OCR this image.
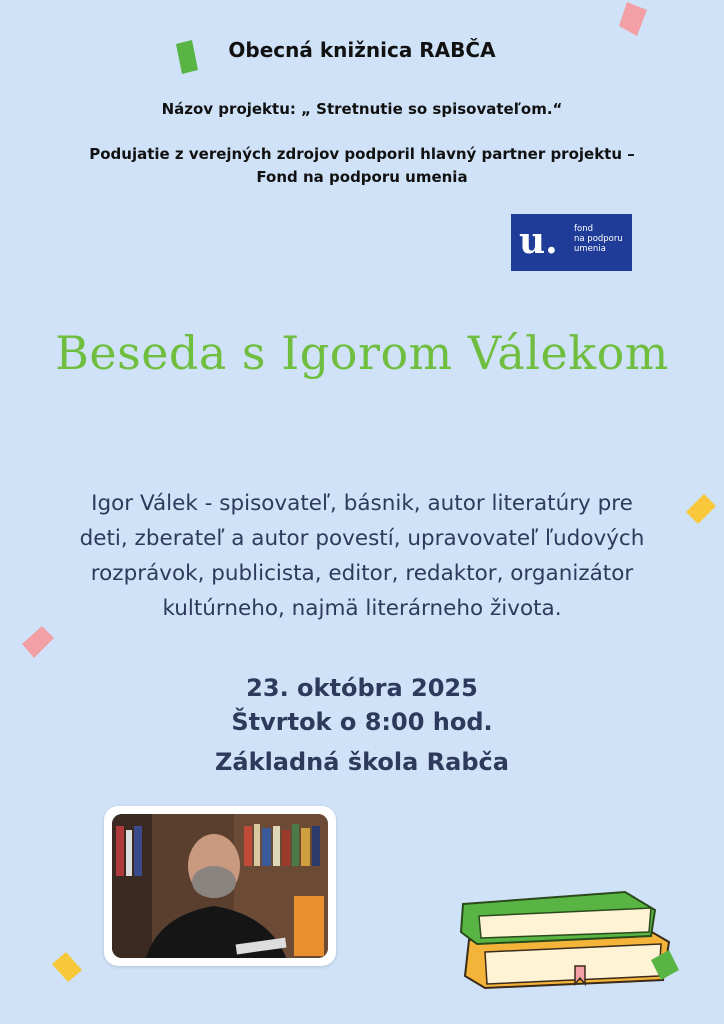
Obecná knižnica RABČA
Názov projektu: „ Stretnutie so spisovateľom.“
Podujatie z verejných zdrojov podporil hlavný partner projektu –
Fond na podporu umenia
u. fond
na podporu
umenia
Beseda s Igorom Válekom
Igor Válek - spisovateľ, básnik, autor literatúry pre
deti, zberateľ a autor povestí, upravovateľ ľudových
rozprávok, publicista, editor, redaktor, organizátor
kultúrneho, najmä literárneho života.
23. októbra 2025
Štvrtok o 8:00 hod.
Základná škola Rabča
